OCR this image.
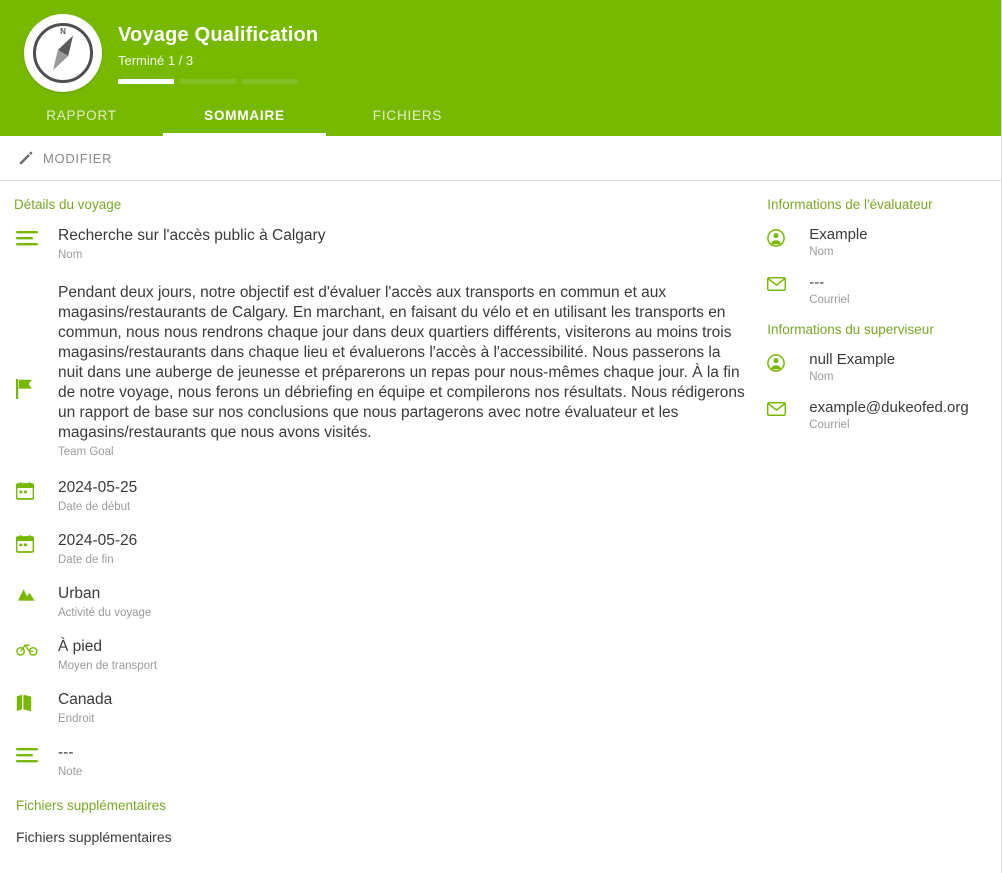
N	Voyage Qualification
Terminé 1 / 3
RAPPORT	SOMMAIRE	FICHIERS
MODIFIER
Détails du voyage
Recherche sur l'accès public à Calgary
Nom
Pendant deux jours, notre objectif est d'évaluer l'accès aux transports en commun et aux magasins/restaurants de Calgary. En marchant, en faisant du vélo et en utilisant les transports en commun, nous nous rendrons chaque jour dans deux quartiers différents, visiterons au moins trois magasins/restaurants dans chaque lieu et évaluerons l'accès à l'accessibilité. Nous passerons la nuit dans une auberge de jeunesse et préparerons un repas pour nous-mêmes chaque jour. À la fin de notre voyage, nous ferons un débriefing en équipe et compilerons nos résultats. Nous rédigerons un rapport de base sur nos conclusions que nous partagerons avec notre évaluateur et les magasins/restaurants que nous avons visités.
Team Goal
2024-05-25
Date de début
2024-05-26
Date de fin
Urban
Activité du voyage
À pied
Moyen de transport
Canada
Endroit
---
Note
Fichiers supplémentaires
Fichiers supplémentaires
Informations de l'évaluateur
Example
Nom
---
Courriel
Informations du superviseur
null Example
Nom
example@dukeofed.org
Courriel
